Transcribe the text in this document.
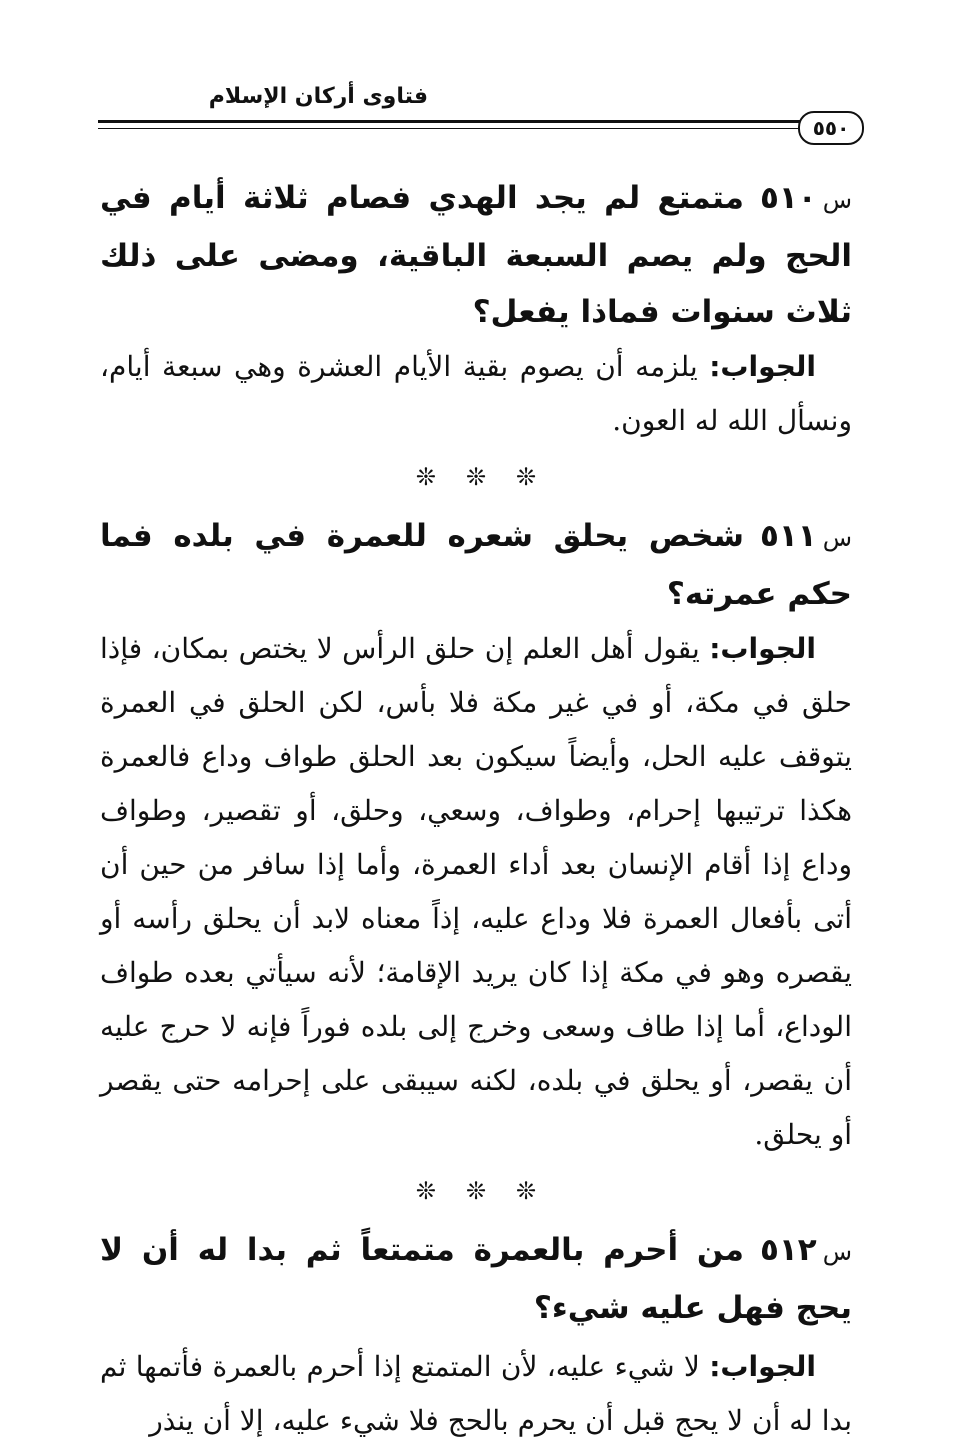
فتاوى أركان الإسلام
٥٥٠
س٥١٠متمتع لم يجد الهدي فصام ثلاثة أيام في الحج ولم يصم السبعة الباقية، ومضى على ذلك ثلاث سنوات فماذا يفعل؟
الجواب: يلزمه أن يصوم بقية الأيام العشرة وهي سبعة أيام، ونسأل الله له العون.
❊ ❊ ❊
س٥١١شخص يحلق شعره للعمرة في بلده فما حكم عمرته؟
الجواب: يقول أهل العلم إن حلق الرأس لا يختص بمكان، فإذا حلق في مكة، أو في غير مكة فلا بأس، لكن الحلق في العمرة يتوقف عليه الحل، وأيضاً سيكون بعد الحلق طواف وداع فالعمرة هكذا ترتيبها إحرام، وطواف، وسعي، وحلق، أو تقصير، وطواف وداع إذا أقام الإنسان بعد أداء العمرة، وأما إذا سافر من حين أن أتى بأفعال العمرة فلا وداع عليه، إذاً معناه لابد أن يحلق رأسه أو يقصره وهو في مكة إذا كان يريد الإقامة؛ لأنه سيأتي بعده طواف الوداع، أما إذا طاف وسعى وخرج إلى بلده فوراً فإنه لا حرج عليه أن يقصر، أو يحلق في بلده، لكنه سيبقى على إحرامه حتى يقصر أو يحلق.
❊ ❊ ❊
س٥١٢من أحرم بالعمرة متمتعاً ثم بدا له أن لا يحج فهل عليه شيء؟
الجواب: لا شيء عليه، لأن المتمتع إذا أحرم بالعمرة فأتمها ثم بدا له أن لا يحج قبل أن يحرم بالحج فلا شيء عليه، إلا أن ينذر
